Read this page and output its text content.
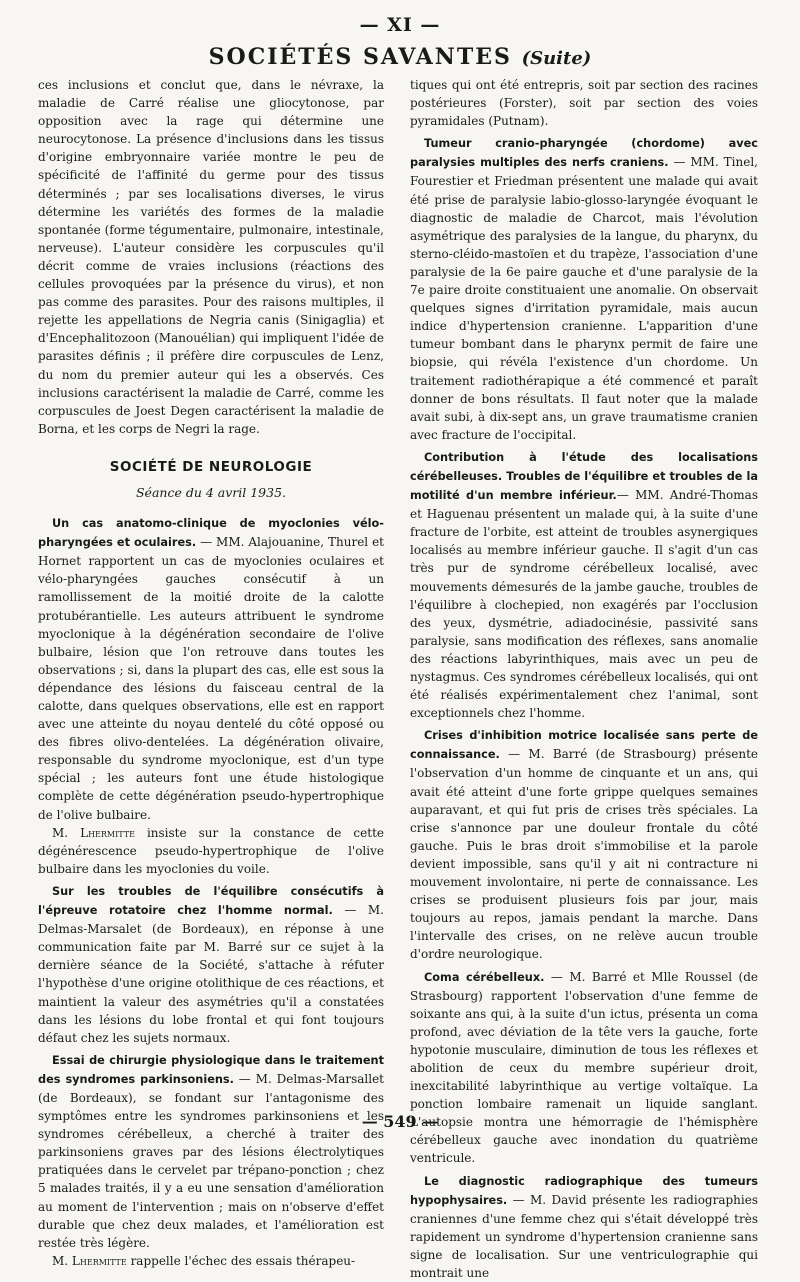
— XI —
SOCIÉTÉS SAVANTES (Suite)

ces inclusions et conclut que, dans le névraxe, la maladie de Carré réalise une gliocytonose, par opposition avec la rage qui détermine une neurocytonose. La présence d'inclusions dans les tissus d'origine embryonnaire variée montre le peu de spécificité de l'affinité du germe pour des tissus déterminés ; par ses localisations diverses, le virus détermine les variétés des formes de la maladie spontanée (forme tégumentaire, pulmonaire, intestinale, nerveuse). L'auteur considère les corpuscules qu'il décrit comme de vraies inclusions (réactions des cellules provoquées par la présence du virus), et non pas comme des parasites. Pour des raisons multiples, il rejette les appellations de Negria canis (Sinigaglia) et d'Encephalitozoon (Manouélian) qui impliquent l'idée de parasites définis ; il préfère dire corpuscules de Lenz, du nom du premier auteur qui les a observés. Ces inclusions caractérisent la maladie de Carré, comme les corpuscules de Joest Degen caractérisent la maladie de Borna, et les corps de Negri la rage.

SOCIÉTÉ DE NEUROLOGIE
Séance du 4 avril 1935.

Un cas anatomo-clinique de myoclonies vélo-pharyngées et oculaires. — MM. Alajouanine, Thurel et Hornet rapportent un cas de myoclonies oculaires et vélo-pharyngées gauches consécutif à un ramollissement de la moitié droite de la calotte protubérantielle. Les auteurs attribuent le syndrome myoclonique à la dégénération secondaire de l'olive bulbaire, lésion que l'on retrouve dans toutes les observations ; si, dans la plupart des cas, elle est sous la dépendance des lésions du faisceau central de la calotte, dans quelques observations, elle est en rapport avec une atteinte du noyau dentelé du côté opposé ou des fibres olivo-dentelées. La dégénération olivaire, responsable du syndrome myoclonique, est d'un type spécial ; les auteurs font une étude histologique complète de cette dégénération pseudo-hypertrophique de l'olive bulbaire.

M. Lhermitte insiste sur la constance de cette dégénérescence pseudo-hypertrophique de l'olive bulbaire dans les myoclonies du voile.

Sur les troubles de l'équilibre consécutifs à l'épreuve rotatoire chez l'homme normal. — M. Delmas-Marsalet (de Bordeaux), en réponse à une communication faite par M. Barré sur ce sujet à la dernière séance de la Société, s'attache à réfuter l'hypothèse d'une origine otolithique de ces réactions, et maintient la valeur des asymétries qu'il a constatées dans les lésions du lobe frontal et qui font toujours défaut chez les sujets normaux.

Essai de chirurgie physiologique dans le traitement des syndromes parkinsoniens. — M. Delmas-Marsallet (de Bordeaux), se fondant sur l'antagonisme des symptômes entre les syndromes parkinsoniens et les syndromes cérébelleux, a cherché à traiter des parkinsoniens graves par des lésions électrolytiques pratiquées dans le cervelet par trépano-ponction ; chez 5 malades traités, il y a eu une sensation d'amélioration au moment de l'intervention ; mais on n'observe d'effet durable que chez deux malades, et l'amélioration est restée très légère.

M. Lhermitte rappelle l'échec des essais thérapeu-

tiques qui ont été entrepris, soit par section des racines postérieures (Forster), soit par section des voies pyramidales (Putnam).

Tumeur cranio-pharyngée (chordome) avec paralysies multiples des nerfs craniens. — MM. Tinel, Fourestier et Friedman présentent une malade qui avait été prise de paralysie labio-glosso-laryngée évoquant le diagnostic de maladie de Charcot, mais l'évolution asymétrique des paralysies de la langue, du pharynx, du sterno-cléido-mastoïen et du trapèze, l'association d'une paralysie de la 6e paire gauche et d'une paralysie de la 7e paire droite constituaient une anomalie. On observait quelques signes d'irritation pyramidale, mais aucun indice d'hypertension cranienne. L'apparition d'une tumeur bombant dans le pharynx permit de faire une biopsie, qui révéla l'existence d'un chordome. Un traitement radiothérapique a été commencé et paraît donner de bons résultats. Il faut noter que la malade avait subi, à dix-sept ans, un grave traumatisme cranien avec fracture de l'occipital.

Contribution à l'étude des localisations cérébelleuses. Troubles de l'équilibre et troubles de la motilité d'un membre inférieur.— MM. André-Thomas et Haguenau présentent un malade qui, à la suite d'une fracture de l'orbite, est atteint de troubles asynergiques localisés au membre inférieur gauche. Il s'agit d'un cas très pur de syndrome cérébelleux localisé, avec mouvements démesurés de la jambe gauche, troubles de l'équilibre à clochepied, non exagérés par l'occlusion des yeux, dysmétrie, adiadocinésie, passivité sans paralysie, sans modification des réflexes, sans anomalie des réactions labyrinthiques, mais avec un peu de nystagmus. Ces syndromes cérébelleux localisés, qui ont été réalisés expérimentalement chez l'animal, sont exceptionnels chez l'homme.

Crises d'inhibition motrice localisée sans perte de connaissance. — M. Barré (de Strasbourg) présente l'observation d'un homme de cinquante et un ans, qui avait été atteint d'une forte grippe quelques semaines auparavant, et qui fut pris de crises très spéciales. La crise s'annonce par une douleur frontale du côté gauche. Puis le bras droit s'immobilise et la parole devient impossible, sans qu'il y ait ni contracture ni mouvement involontaire, ni perte de connaissance. Les crises se produisent plusieurs fois par jour, mais toujours au repos, jamais pendant la marche. Dans l'intervalle des crises, on ne relève aucun trouble d'ordre neurologique.

Coma cérébelleux. — M. Barré et Mlle Roussel (de Strasbourg) rapportent l'observation d'une femme de soixante ans qui, à la suite d'un ictus, présenta un coma profond, avec déviation de la tête vers la gauche, forte hypotonie musculaire, diminution de tous les réflexes et abolition de ceux du membre supérieur droit, inexcitabilité labyrinthique au vertige voltaïque. La ponction lombaire ramenait un liquide sanglant. L'autopsie montra une hémorragie de l'hémisphère cérébelleux gauche avec inondation du quatrième ventricule.

Le diagnostic radiographique des tumeurs hypophysaires. — M. David présente les radiographies craniennes d'une femme chez qui s'était développé très rapidement un syndrome d'hypertension cranienne sans signe de localisation. Sur une ventriculographie qui montrait une

— 549 —
